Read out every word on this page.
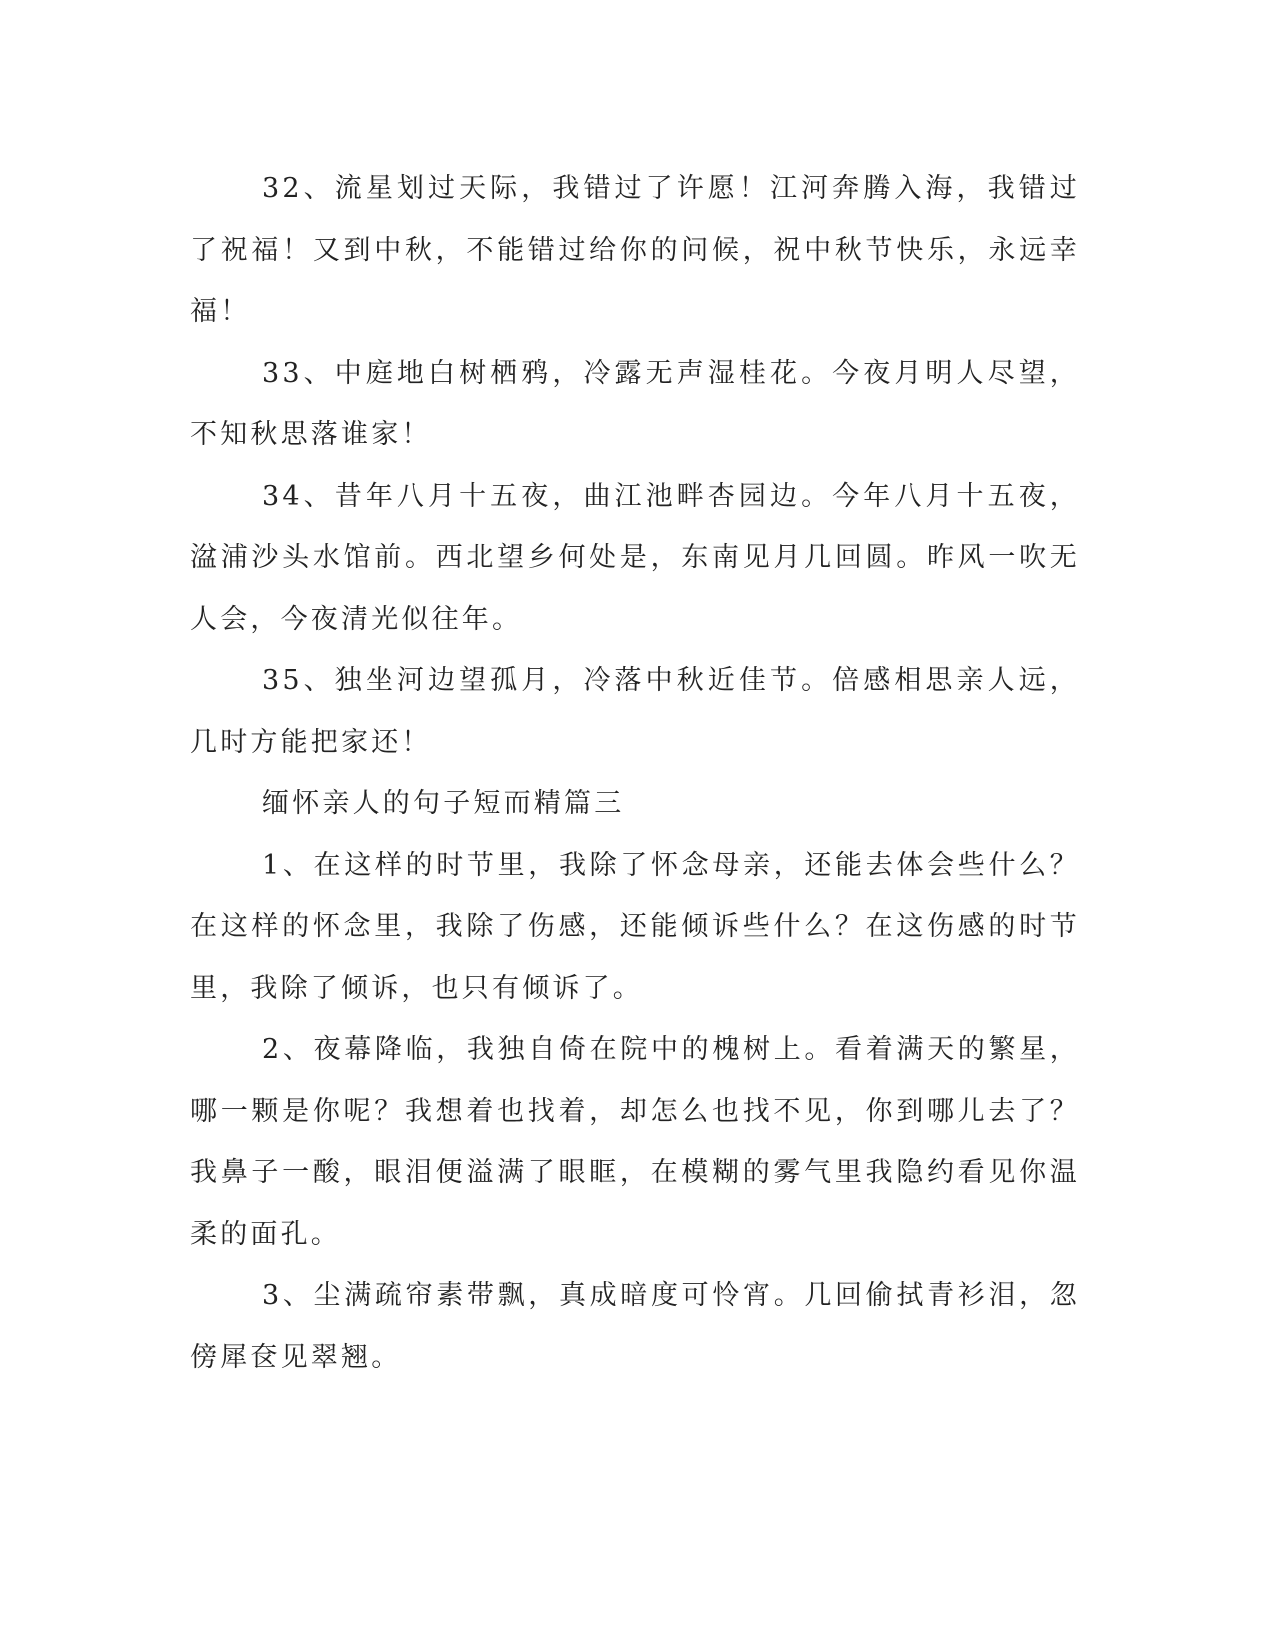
32、流星划过天际，我错过了许愿！江河奔腾入海，我错过了祝福！又到中秋，不能错过给你的问候，祝中秋节快乐，永远幸福！

33、中庭地白树栖鸦，冷露无声湿桂花。今夜月明人尽望，不知秋思落谁家！

34、昔年八月十五夜，曲江池畔杏园边。今年八月十五夜，湓浦沙头水馆前。西北望乡何处是，东南见月几回圆。昨风一吹无人会，今夜清光似往年。

35、独坐河边望孤月，冷落中秋近佳节。倍感相思亲人远，几时方能把家还！

缅怀亲人的句子短而精篇三

1、在这样的时节里，我除了怀念母亲，还能去体会些什么？在这样的怀念里，我除了伤感，还能倾诉些什么？在这伤感的时节里，我除了倾诉，也只有倾诉了。

2、夜幕降临，我独自倚在院中的槐树上。看着满天的繁星，哪一颗是你呢？我想着也找着，却怎么也找不见，你到哪儿去了？我鼻子一酸，眼泪便溢满了眼眶，在模糊的雾气里我隐约看见你温柔的面孔。

3、尘满疏帘素带飘，真成暗度可怜宵。几回偷拭青衫泪，忽傍犀奁见翠翘。
